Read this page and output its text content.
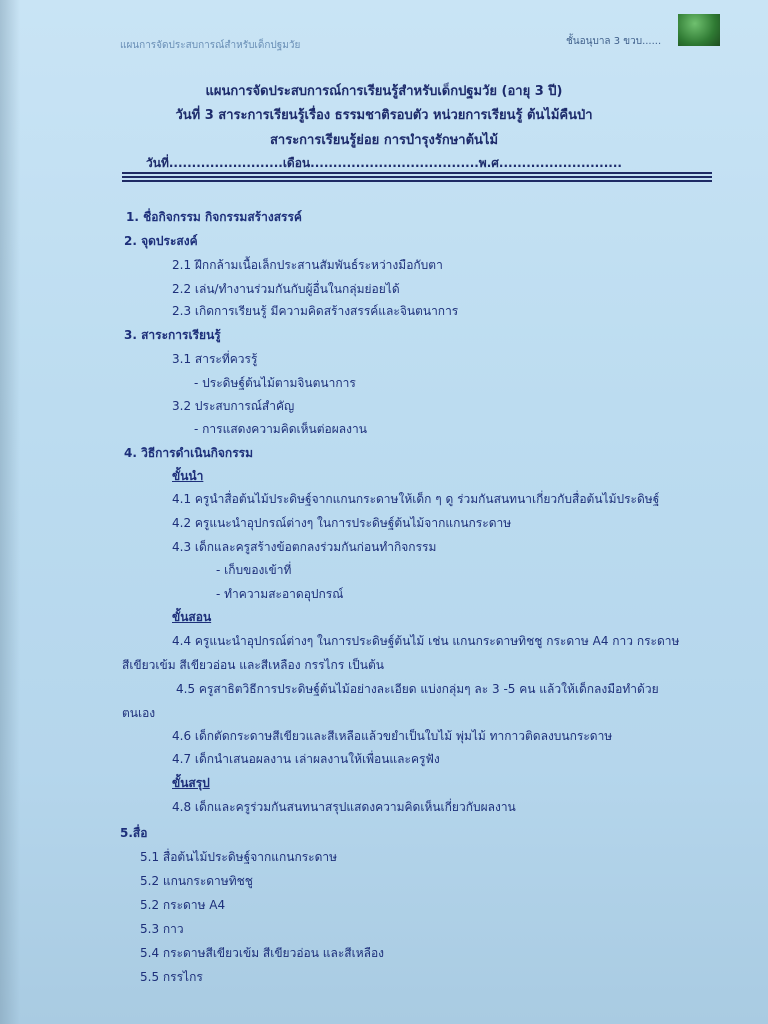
แผนการจัดประสบการณ์สำหรับเด็กปฐมวัย	ชั้นอนุบาล 3 ขวบ......
แผนการจัดประสบการณ์การเรียนรู้สำหรับเด็กปฐมวัย (อายุ 3 ปี)
วันที่ 3 สาระการเรียนรู้เรื่อง ธรรมชาติรอบตัว หน่วยการเรียนรู้ ต้นไม้คืนป่า
สาระการเรียนรู้ย่อย การบำรุงรักษาต้นไม้
วันที่.........................เดือน.....................................พ.ศ...........................
1. ชื่อกิจกรรม กิจกรรมสร้างสรรค์
2. จุดประสงค์
2.1 ฝึกกล้ามเนื้อเล็กประสานสัมพันธ์ระหว่างมือกับตา
2.2 เล่น/ทำงานร่วมกันกับผู้อื่นในกลุ่มย่อยได้
2.3 เกิดการเรียนรู้ มีความคิดสร้างสรรค์และจินตนาการ
3. สาระการเรียนรู้
3.1 สาระที่ควรรู้
- ประดิษฐ์ต้นไม้ตามจินตนาการ
3.2 ประสบการณ์สำคัญ
- การแสดงความคิดเห็นต่อผลงาน
4. วิธีการดำเนินกิจกรรม
ขั้นนำ
4.1 ครูนำสื่อต้นไม้ประดิษฐ์จากแกนกระดาษให้เด็ก ๆ ดู ร่วมกันสนทนาเกี่ยวกับสื่อต้นไม้ประดิษฐ์
4.2 ครูแนะนำอุปกรณ์ต่างๆ ในการประดิษฐ์ต้นไม้จากแกนกระดาษ
4.3 เด็กและครูสร้างข้อตกลงร่วมกันก่อนทำกิจกรรม
- เก็บของเข้าที่
- ทำความสะอาดอุปกรณ์
ขั้นสอน
4.4 ครูแนะนำอุปกรณ์ต่างๆ ในการประดิษฐ์ต้นไม้ เช่น แกนกระดาษทิชชู กระดาษ A4 กาว กระดาษ
สีเขียวเข้ม สีเขียวอ่อน และสีเหลือง กรรไกร เป็นต้น
4.5 ครูสาธิตวิธีการประดิษฐ์ต้นไม้อย่างละเอียด แบ่งกลุ่มๆ ละ 3 -5 คน แล้วให้เด็กลงมือทำด้วย
ตนเอง
4.6 เด็กตัดกระดาษสีเขียวและสีเหลือแล้วขยำเป็นใบไม้ พุ่มไม้ ทากาวติดลงบนกระดาษ
4.7 เด็กนำเสนอผลงาน เล่าผลงานให้เพื่อนและครูฟัง
ขั้นสรุป
4.8 เด็กและครูร่วมกันสนทนาสรุปแสดงความคิดเห็นเกี่ยวกับผลงาน
5.สื่อ
5.1 สื่อต้นไม้ประดิษฐ์จากแกนกระดาษ
5.2 แกนกระดาษทิชชู
5.2 กระดาษ A4
5.3 กาว
5.4 กระดาษสีเขียวเข้ม สีเขียวอ่อน และสีเหลือง
5.5 กรรไกร
